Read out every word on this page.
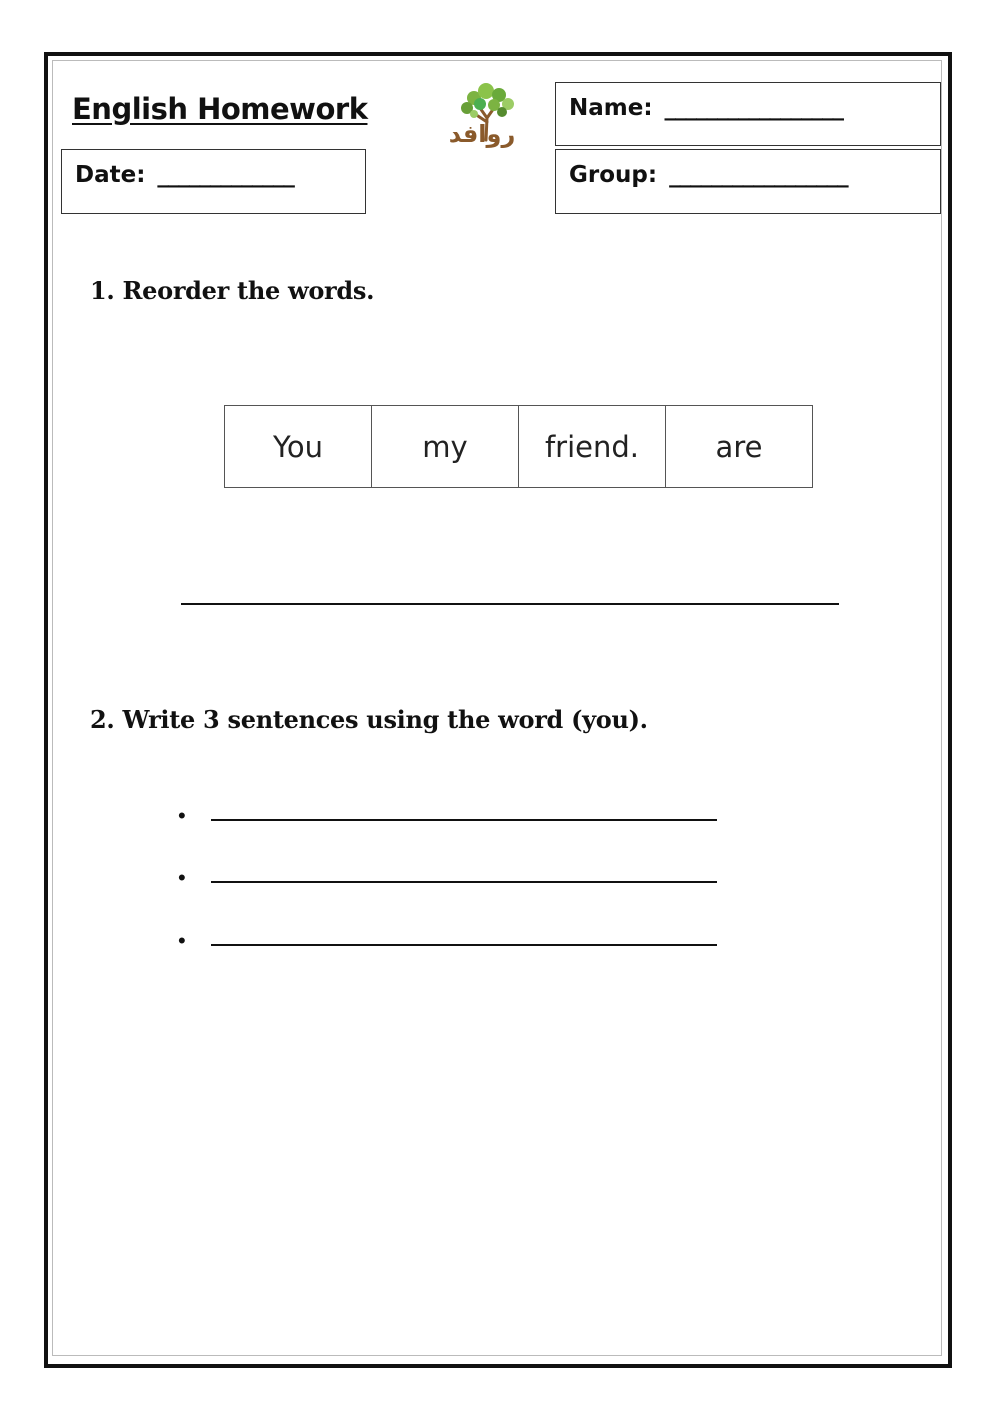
English Homework
روافد
Date: _____________
Name: _________________
Group: _________________
1. Reorder the words.
You	my	friend.	are
2. Write 3 sentences using the word (you).
•
•
•
